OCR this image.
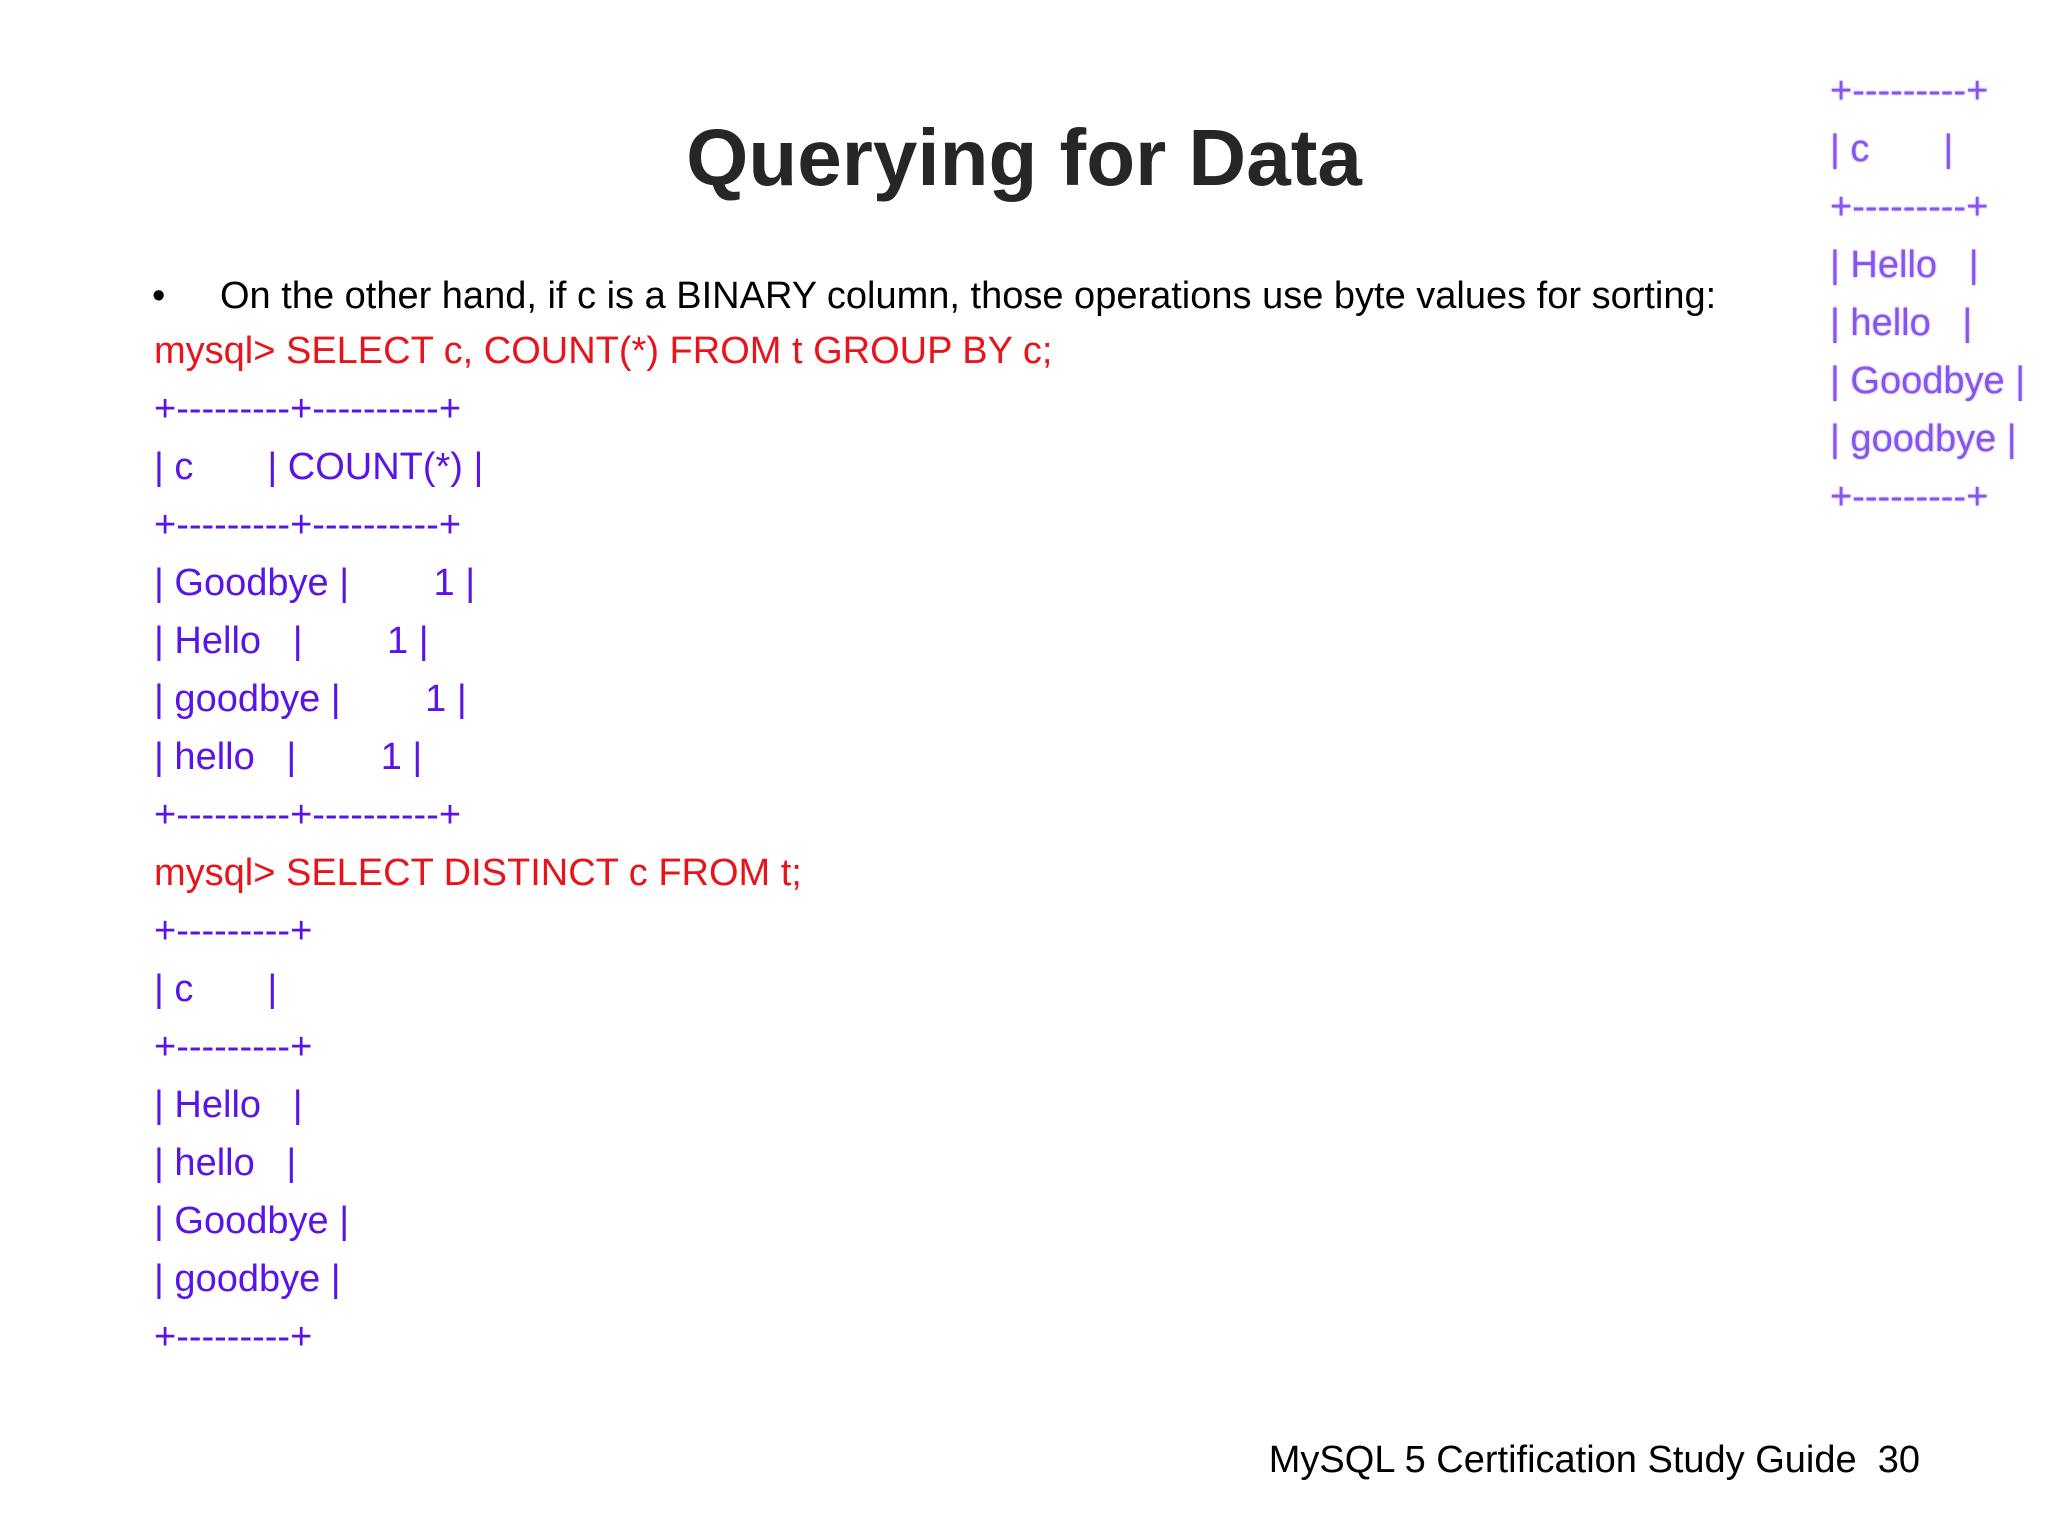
Querying for Data
• On the other hand, if c is a BINARY column, those operations use byte values for sorting:
mysql> SELECT c, COUNT(*) FROM t GROUP BY c;
+---------+----------+
| c       | COUNT(*) |
+---------+----------+
| Goodbye |        1 |
| Hello   |        1 |
| goodbye |        1 |
| hello   |        1 |
+---------+----------+
mysql> SELECT DISTINCT c FROM t;
+---------+
| c       |
+---------+
| Hello   |
| hello   |
| Goodbye |
| goodbye |
+---------+
+---------+
| c       |
+---------+
| Hello   |
| hello   |
| Goodbye |
| goodbye |
+---------+
MySQL 5 Certification Study Guide  30
